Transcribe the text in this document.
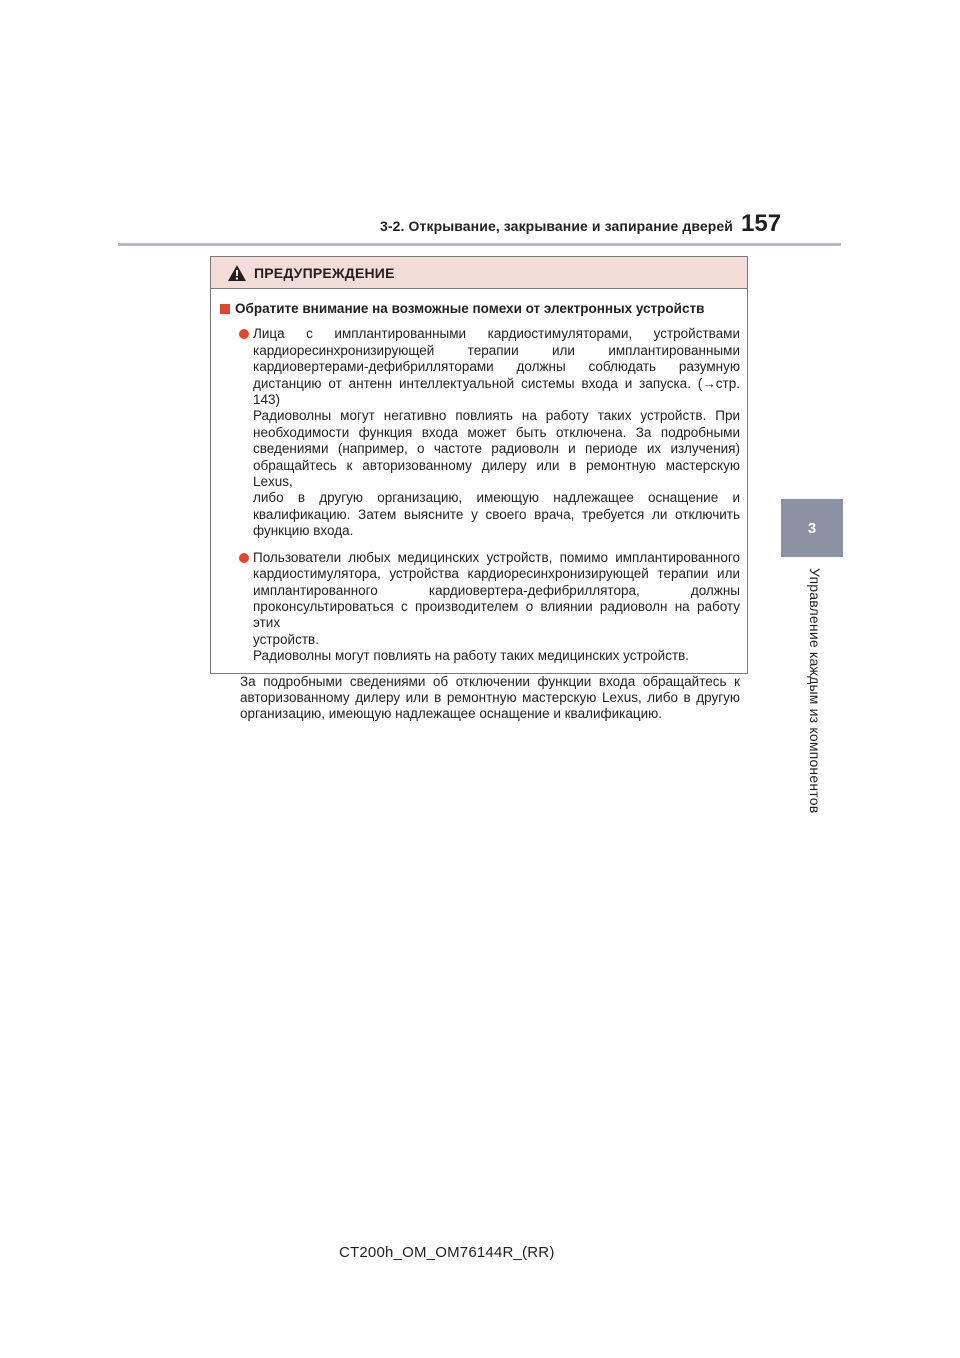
3-2. Открывание, закрывание и запирание дверей 157
3
Управление каждым из компонентов
ПРЕДУПРЕЖДЕНИЕ
Обратите внимание на возможные помехи от электронных устройств

Лица с имплантированными кардиостимуляторами, устройствами

кардиоресинхронизирующей терапии или имплантированными

кардиовертерами-дефибрилляторами должны соблюдать разумную

дистанцию от антенн интеллектуальной системы входа и запуска. (→стр. 143)

Радиоволны могут негативно повлиять на работу таких устройств. При

необходимости функция входа может быть отключена. За подробными

сведениями (например, о частоте радиоволн и периоде их излучения)

обращайтесь к авторизованному дилеру или в ремонтную мастерскую Lexus,

либо в другую организацию, имеющую надлежащее оснащение и

квалификацию. Затем выясните у своего врача, требуется ли отключить

функцию входа.

Пользователи любых медицинских устройств, помимо имплантированного

кардиостимулятора, устройства кардиоресинхронизирующей терапии или

имплантированного кардиовертера-дефибриллятора, должны

проконсультироваться с производителем о влиянии радиоволн на работу этих

устройств.

Радиоволны могут повлиять на работу таких медицинских устройств.

За подробными сведениями об отключении функции входа обращайтесь к

авторизованному дилеру или в ремонтную мастерскую Lexus, либо в другую

организацию, имеющую надлежащее оснащение и квалификацию.

CT200h_OM_OM76144R_(RR)
